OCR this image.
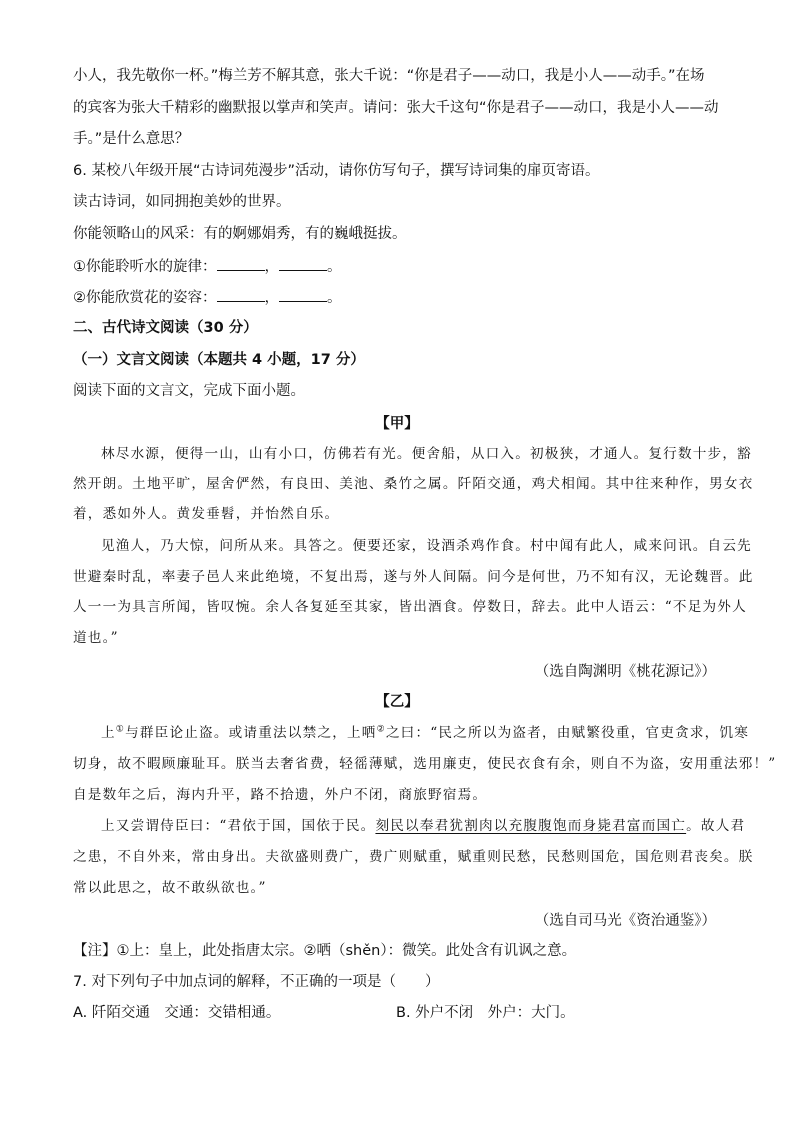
小人，我先敬你一杯。”梅兰芳不解其意，张大千说：“你是君子——动口，我是小人——动手。”在场
的宾客为张大千精彩的幽默报以掌声和笑声。请问：张大千这句“你是君子——动口，我是小人——动
手。”是什么意思？
6. 某校八年级开展“古诗词苑漫步”活动，请你仿写句子，撰写诗词集的扉页寄语。
读古诗词，如同拥抱美妙的世界。
你能领略山的风采：有的婀娜娟秀，有的巍峨挺拔。
①你能聆听水的旋律：	，	。
②你能欣赏花的姿容：	，	。
二、古代诗文阅读（30 分）
（一）文言文阅读（本题共 4 小题，17 分）
阅读下面的文言文，完成下面小题。
【甲】
林尽水源，便得一山，山有小口，仿佛若有光。便舍船，从口入。初极狭，才通人。复行数十步，豁
然开朗。土地平旷，屋舍俨然，有良田、美池、桑竹之属。阡陌交通，鸡犬相闻。其中往来种作，男女衣
着，悉如外人。黄发垂髫，并怡然自乐。
见渔人，乃大惊，问所从来。具答之。便要还家，设酒杀鸡作食。村中闻有此人，咸来问讯。自云先
世避秦时乱，率妻子邑人来此绝境，不复出焉，遂与外人间隔。问今是何世，乃不知有汉，无论魏晋。此
人一一为具言所闻，皆叹惋。余人各复延至其家，皆出酒食。停数日，辞去。此中人语云：“不足为外人
道也。”
（选自陶渊明《桃花源记》）
【乙】
上①与群臣论止盗。或请重法以禁之，上哂②之曰：“民之所以为盗者，由赋繁役重，官吏贪求，饥寒
切身，故不暇顾廉耻耳。朕当去奢省费，轻徭薄赋，选用廉吏，使民衣食有余，则自不为盗，安用重法邪！”
自是数年之后，海内升平，路不拾遗，外户不闭，商旅野宿焉。
上又尝谓侍臣曰：“君依于国，国依于民。刻民以奉君犹割肉以充腹腹饱而身毙君富而国亡。故人君
之患，不自外来，常由身出。夫欲盛则费广，费广则赋重，赋重则民愁，民愁则国危，国危则君丧矣。朕
常以此思之，故不敢纵欲也。”
（选自司马光《资治通鉴》）
【注】①上：皇上，此处指唐太宗。②哂（shěn）：微笑。此处含有讥讽之意。
7. 对下列句子中加点词的解释，不正确的一项是（　　）
A. 阡陌交通　交通：交错相通。	B. 外户不闭　外户：大门。
